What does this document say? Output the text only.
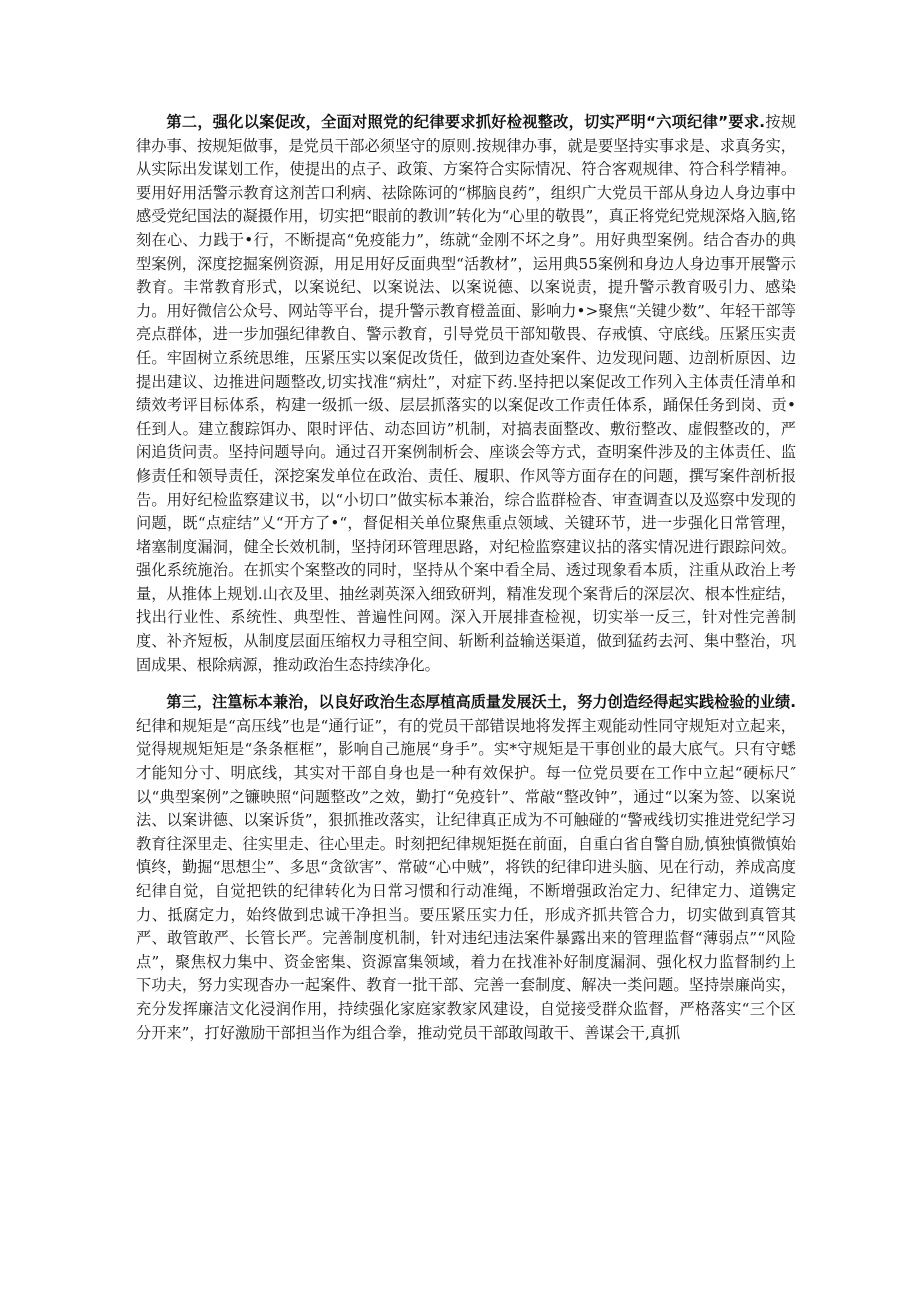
第二，强化以案促改，全面对照党的纪律要求抓好检视整改，切实严明“六项纪律”要求.按规律办事、按规矩做事，是党员干部必须坚守的原则.按规律办事，就是要坚持实事求是、求真务实，从实际出发谋划工作，使提出的点子、政策、方案符合实际情况、符合客观规律、符合科学精神。要用好用活警示教育这剂苦口利病、祛除陈诃的“梆脑良药”，组织广大党员干部从身边人身边事中感受党纪国法的凝摄作用，切实把“眼前的教训”转化为“心里的敬畏”，真正将党纪党规深烙入脑,铭刻在心、力践于•行，不断提高“免疫能力”，练就“金刚不坏之身”。用好典型案例。结合杳办的典型案例，深度挖掘案例资源，用足用好反面典型“活教材”，运用典55案例和身边人身边事开展警示教育。丰常教育形式，以案说纪、以案说法、以案说德、以案说责，提升警示教育吸引力、感染力。用好微信公众号、网站等平台，提升警示教育橙盖面、影响力•>聚焦“关键少数”、年轻干部等亮点群体，进一步加强纪律教自、警示教育，引导党员干部知敬畏、存戒慎、守底线。压紧压实责任。牢固树立系统思维，压紧压实以案促改货任，做到边查处案件、边发现问题、边剖析原因、边提出建议、边推进问题整改,切实找准“病灶”，对症下药.坚持把以案促改工作列入主体责任清单和绩效考评目标体系，构建一级抓一级、层层抓落实的以案促改工作责任体系，踊保任务到岗、贡•任到人。建立馥踪饵办、限时评估、动态回访”机制，对搞表面整改、敷衍整改、虚假整改的，严闲追货问责。坚持问题导向。通过召开案例制析会、座谈会等方式，查明案件涉及的主体责任、监修责任和领导责任，深挖案发单位在政治、责任、履职、作风等方面存在的问题，撰写案件剖析报告。用好纪检监察建议书，以“小切口”做实标本兼治，综合监群检杳、审查调查以及巡察中发现的问题，既“点症结”乂“开方了•“，督促相关单位聚焦重点领域、关键环节，进一步强化日常管理，堵塞制度漏洞，健全长效机制，坚持闭环管理思路，对纪检监察建议拈的落实情况进行跟踪问效。强化系统施治。在抓实个案整改的同时，坚持从个案中看全局、透过现象看本质，注重从政治上考量，从推体上规划.山衣及里、抽丝剥英深入细致研判，精准发现个案背后的深层次、根本性症结，找出行业性、系统性、典型性、普遍性问网。深入开展排查检视，切实举一反三，针对性完善制度、补齐短板，从制度层面压缩权力寻租空间、斩断利益输送渠道，做到猛药去河、集中整治，巩固成果、根除病源，推动政治生态持续净化。

第三，注篁标本兼治，以良好政治生态厚植高质量发展沃土，努力创造经得起实践检验的业绩.纪律和规矩是“高压线”也是“通行证”，有的党员干部错误地将发挥主观能动性同守规矩对立起来，觉得规规矩矩是“条条框框”，影响自己施展“身手”。实*守规矩是干事创业的最大底气。只有守蟋才能知分寸、明底线，其实对干部自身也是一种有效保护。每一位党员要在工作中立起“硬标尺″以“典型案例”之镰映照“问题整改”之效，勤打“免疫针”、常敲“整改钟”，通过“以案为签、以案说法、以案讲德、以案诉货”，狠抓推改落实，让纪律真正成为不可触碰的“警戒线切实推进党纪学习教育往深里走、往实里走、往心里走。时刻把纪律规矩挺在前面，自重白省自警自励,慎独慎微慎始慎终，勤掘“思想尘”、多思“贪欲害”、常破“心中贼”，将铁的纪律印进头脑、见在行动，养成高度纪律自觉，自觉把铁的纪律转化为日常习惯和行动准绳，不断增强政治定力、纪律定力、道镌定力、抵腐定力，始终做到忠诚干净担当。要压紧压实力任，形成齐抓共管合力，切实做到真管其严、敢管敢严、长管长严。完善制度机制，针对违纪违法案件暴露出来的管理监督“薄弱点”“风险点”，聚焦权力集中、资金密集、资源富集领域，着力在找准补好制度漏洞、强化权力监督制约上下功夫，努力实现杳办一起案件、教育一批干部、完善一套制度、解决一类问题。坚持崇廉尚实，充分发挥廉洁文化浸润作用，持续强化家庭家教家风建设，自觉接受群众监督，严格落实“三个区分开来”，打好激励干部担当作为组合拳，推动党员干部敢闯敢干、善谋会干,真抓
